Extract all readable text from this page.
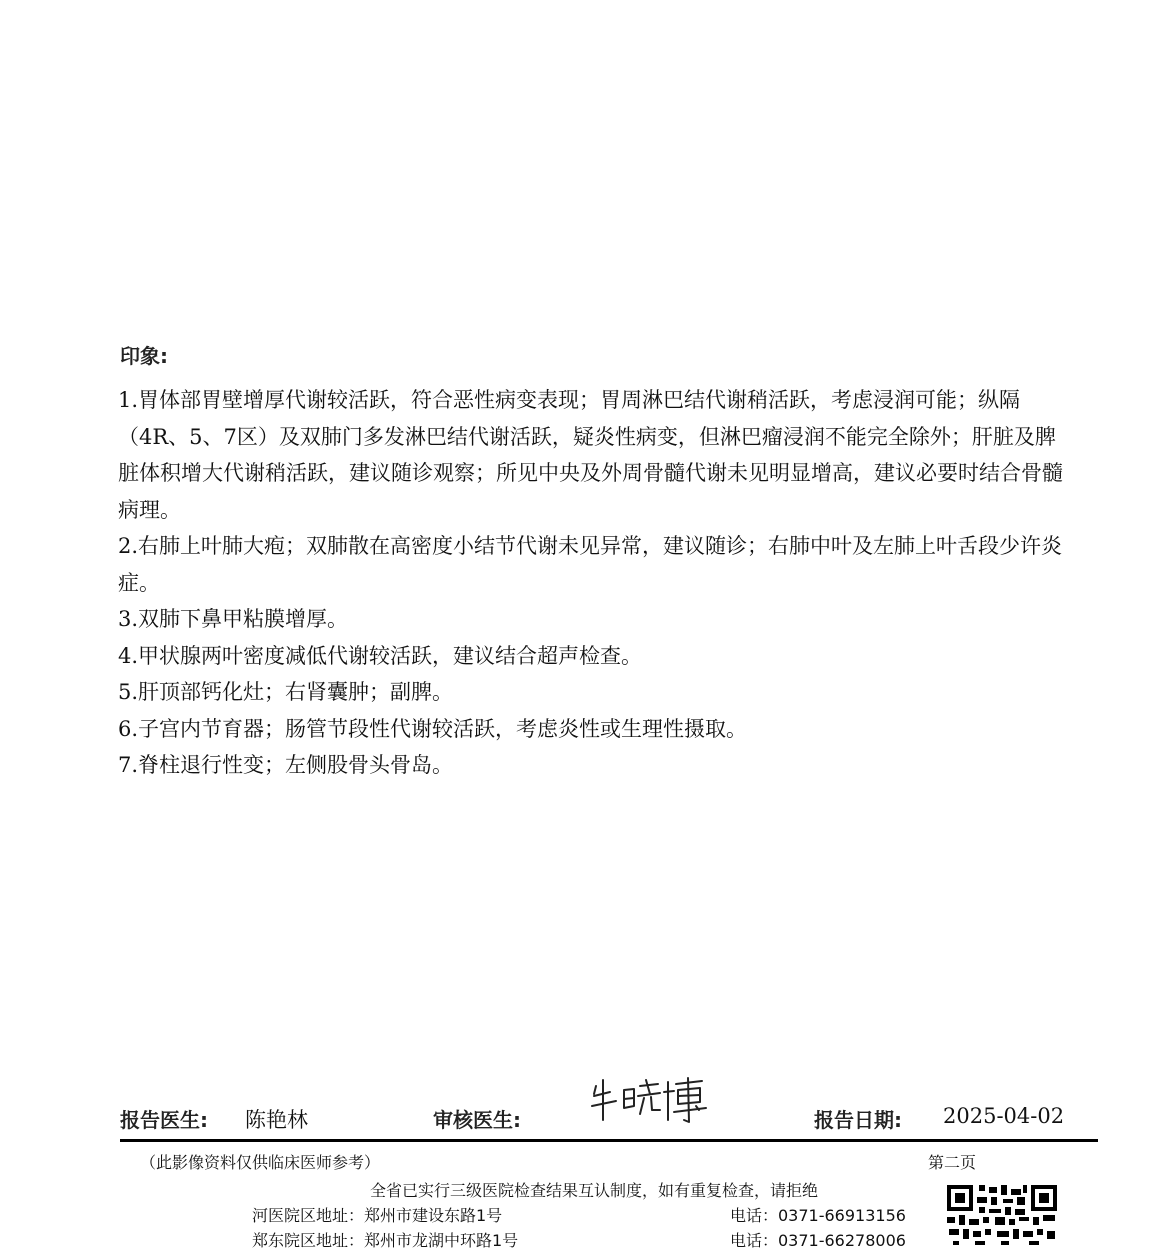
印象:

1.胃体部胃壁增厚代谢较活跃，符合恶性病变表现；胃周淋巴结代谢稍活跃，考虑浸润可能；纵隔（4R、5、7区）及双肺门多发淋巴结代谢活跃，疑炎性病变，但淋巴瘤浸润不能完全除外；肝脏及脾脏体积增大代谢稍活跃，建议随诊观察；所见中央及外周骨髓代谢未见明显增高，建议必要时结合骨髓病理。

2.右肺上叶肺大疱；双肺散在高密度小结节代谢未见异常，建议随诊；右肺中叶及左肺上叶舌段少许炎症。

3.双肺下鼻甲粘膜增厚。

4.甲状腺两叶密度减低代谢较活跃，建议结合超声检查。

5.肝顶部钙化灶；右肾囊肿；副脾。

6.子宫内节育器；肠管节段性代谢较活跃，考虑炎性或生理性摄取。

7.脊柱退行性变；左侧股骨头骨岛。

报告医生: 陈艳林	审核医生:	报告日期: 2025-04-02
（此影像资料仅供临床医师参考）	第二页
全省已实行三级医院检查结果互认制度，如有重复检查，请拒绝
河医院区地址：郑州市建设东路1号	电话：0371-66913156
郑东院区地址：郑州市龙湖中环路1号	电话：0371-66278006
